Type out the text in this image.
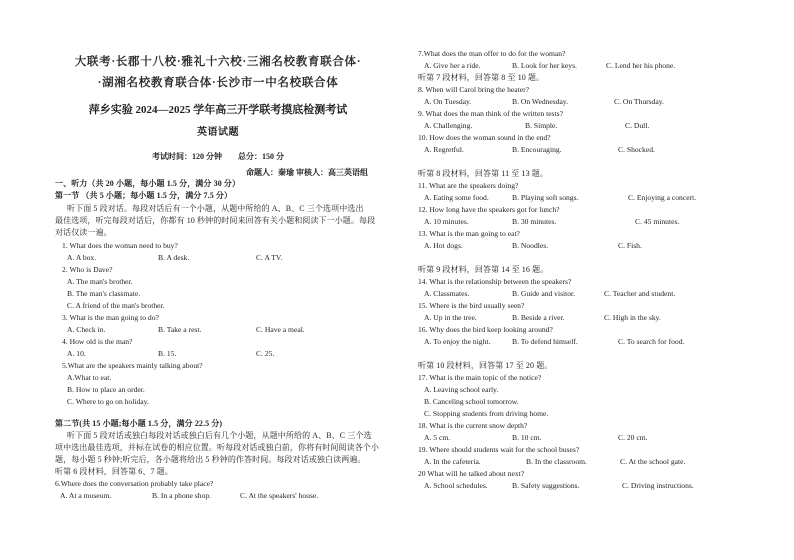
大联考·长郡十八校·雅礼十六校·三湘名校教育联合体·
·湖湘名校教育联合体·长沙市一中名校联合体
萍乡实验 2024—2025 学年高三开学联考摸底检测考试
英语试题
考试时间：120 分钟 总分：150 分
命题人：秦瑜 审核人：高三英语组
一、听力（共 20 小题，每小题 1.5 分，满分 30 分）
第一节 （共 5 小题；每小题 1.5 分，满分 7.5 分）
听下面 5 段对话。每段对话后有一个小题，从题中所给的 A、B、C 三个选项中选出
最佳选项，听完每段对话后，你都有 10 秒钟的时间来回答有关小题和阅读下一小题。每段
对话仅读一遍。
1. What does the woman need to buy?
A. A box.	B. A desk.	C. A TV.
2. Who is Dave?
A. The man's brother.
B. The man's classmate.
C. A friend of the man's brother.
3. What is the man going to do?
A. Check in.	B. Take a rest.	C. Have a meal.
4. How old is the man?
A. 10.	B. 15.	C. 25.
5.What are the speakers mainly talking about?
A.What to eat.
B. How to place an order.
C. Where to go on holiday.
第二节(共 15 小题;每小题 1.5 分，满分 22.5 分)
听下面 5 段对话或独白每段对话或独白后有几个小题，从题中所给的 A、B、C 三个选
项中选出最佳选项，并标在试卷的相应位置。听每段对话或独白前，你将有时间阅读各个小
题，每小题 5 秒钟;听完后，各小题将给出 5 秒钟的作答时间。每段对话或独白读两遍。
听第 6 段材料，回答第 6、7 题。
6.Where does the conversation probably take place?
A. At a museum.	B. In a phone shop.	C. At the speakers' house.
7.What does the man offer to do for the woman?
A. Give her a ride.	B. Look for her keys.	C. Lend her his phone.
听第 7 段材料，回答第 8 至 10 题。
8. When will Carol bring the heater?
A. On Tuesday.	B. On Wednesday.	C. On Thursday.
9. What does the man think of the written tests?
A. Challenging.	B. Simple.	C. Dull.
10. How does the woman sound in the end?
A. Regretful.	B. Encouraging.	C. Shocked.
听第 8 段材料，回答第 11 至 13 题。
11. What are the speakers doing?
A. Eating some food.	B. Playing soft songs.	C. Enjoying a concert.
12. How long have the speakers got for lunch?
A. 10 minutes.	B. 30 minutes.	C. 45 minutes.
13. What is the man going to eat?
A. Hot dogs.	B. Noodles.	C. Fish.
听第 9 段材料，回答第 14 至 16 题。
14. What is the relationship between the speakers?
A. Classmates.	B. Guide and visitor.	C. Teacher and student.
15. Where is the bird usually seen?
A. Up in the tree.	B. Beside a river.	C. High in the sky.
16. Why does the bird keep looking around?
A. To enjoy the night.	B. To defend himself.	C. To search for food.
听第 10 段材料，回答第 17 至 20 题。
17. What is the main topic of the notice?
A. Leaving school early.
B. Canceling school tomorrow.
C. Stopping students from driving home.
18. What is the current snow depth?
A. 5 cm.	B. 10 cm.	C. 20 cm.
19. Where should students wait for the school buses?
A. In the cafeteria.	B. In the classroom.	C. At the school gate.
20 What will he talked about next?
A. School schedules.	B. Safety suggestions.	C. Driving instructions.
